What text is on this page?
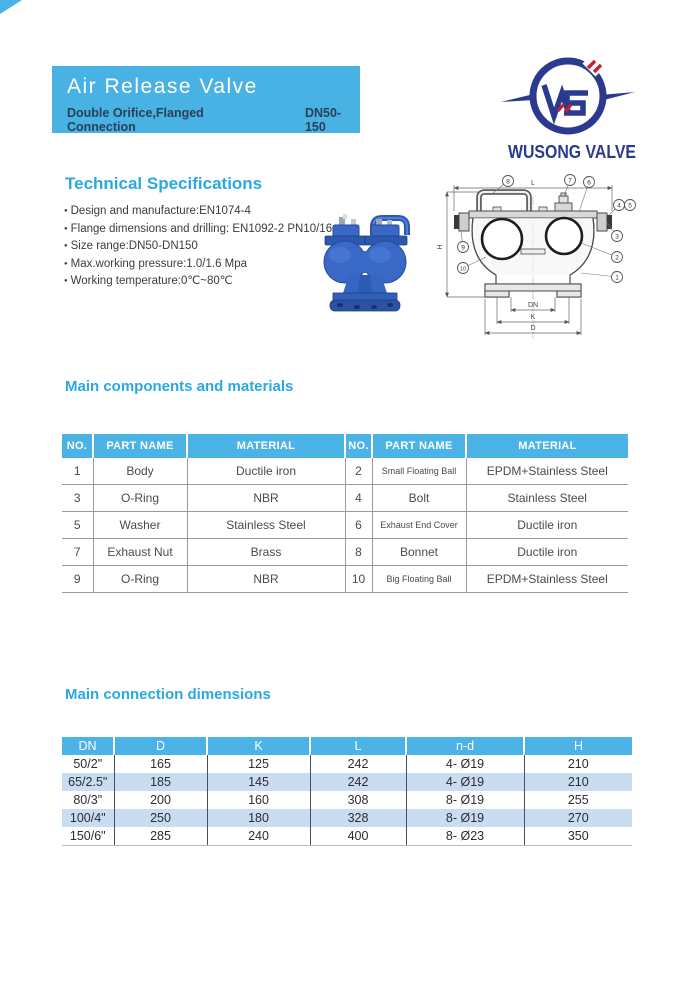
Air Release Valve
Double Orifice,Flanged Connection
DN50-150
WUSONG VALVE
Technical Specifications
● Design and manufacture:EN1074-4
● Flange dimensions and drilling: EN1092-2 PN10/16
● Size range:DN50-DN150
● Max.working pressure:1.0/1.6 Mpa
● Working temperature:0℃~80℃
L
H
DN
K
D
1
2
3
4 5
6
7
8
9
10
Main components and materials
NO.	PART NAME	MATERIAL	NO.	PART NAME	MATERIAL
1	Body	Ductile iron	2	Small Floating Ball	EPDM+Stainless Steel
3	O-Ring	NBR	4	Bolt	Stainless Steel
5	Washer	Stainless Steel	6	Exhaust End Cover	Ductile iron
7	Exhaust Nut	Brass	8	Bonnet	Ductile iron
9	O-Ring	NBR	10	Big Floating Ball	EPDM+Stainless Steel
Main connection dimensions
DN	D	K	L	n-d	H
50/2"	165	125	242	4- Ø19	210
65/2.5"	185	145	242	4- Ø19	210
80/3"	200	160	308	8- Ø19	255
100/4"	250	180	328	8- Ø19	270
150/6"	285	240	400	8- Ø23	350
